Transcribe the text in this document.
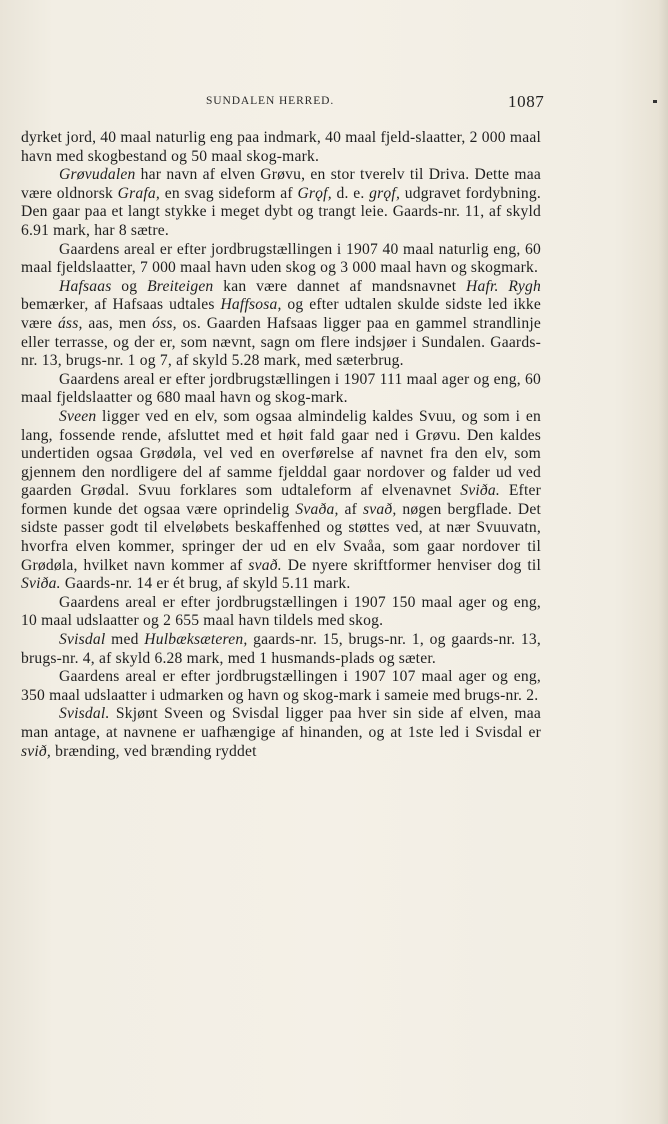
SUNDALEN HERRED.	1087

dyrket jord, 40 maal naturlig eng paa indmark, 40 maal fjeld-slaatter, 2 000 maal havn med skogbestand og 50 maal skog-mark.

Grøvudalen har navn af elven Grøvu, en stor tverelv til Driva. Dette maa være oldnorsk Grafa, en svag sideform af Grǫf, d. e. grǫf, udgravet fordybning. Den gaar paa et langt stykke i meget dybt og trangt leie. Gaards-nr. 11, af skyld 6.91 mark, har 8 sætre.

Gaardens areal er efter jordbrugstællingen i 1907 40 maal naturlig eng, 60 maal fjeldslaatter, 7 000 maal havn uden skog og 3 000 maal havn og skogmark.

Hafsaas og Breiteigen kan være dannet af mandsnavnet Hafr. Rygh bemærker, af Hafsaas udtales Haffsosa, og efter udtalen skulde sidste led ikke være áss, aas, men óss, os. Gaarden Hafsaas ligger paa en gammel strandlinje eller terrasse, og der er, som nævnt, sagn om flere indsjøer i Sundalen. Gaards-nr. 13, brugs-nr. 1 og 7, af skyld 5.28 mark, med sæterbrug.

Gaardens areal er efter jordbrugstællingen i 1907 111 maal ager og eng, 60 maal fjeldslaatter og 680 maal havn og skog-mark.

Sveen ligger ved en elv, som ogsaa almindelig kaldes Svuu, og som i en lang, fossende rende, afsluttet med et høit fald gaar ned i Grøvu. Den kaldes undertiden ogsaa Grødøla, vel ved en overførelse af navnet fra den elv, som gjennem den nordligere del af samme fjelddal gaar nordover og falder ud ved gaarden Grødal. Svuu forklares som udtaleform af elvenavnet Sviða. Efter formen kunde det ogsaa være oprindelig Svaða, af svað, nøgen bergflade. Det sidste passer godt til elveløbets beskaffenhed og støttes ved, at nær Svuuvatn, hvorfra elven kommer, springer der ud en elv Svaåa, som gaar nordover til Grødøla, hvilket navn kommer af svað. De nyere skriftformer henviser dog til Sviða. Gaards-nr. 14 er ét brug, af skyld 5.11 mark.

Gaardens areal er efter jordbrugstællingen i 1907 150 maal ager og eng, 10 maal udslaatter og 2 655 maal havn tildels med skog.

Svisdal med Hulbæksæteren, gaards-nr. 15, brugs-nr. 1, og gaards-nr. 13, brugs-nr. 4, af skyld 6.28 mark, med 1 husmands-plads og sæter.

Gaardens areal er efter jordbrugstællingen i 1907 107 maal ager og eng, 350 maal udslaatter i udmarken og havn og skog-mark i sameie med brugs-nr. 2.

Svisdal. Skjønt Sveen og Svisdal ligger paa hver sin side af elven, maa man antage, at navnene er uafhængige af hinanden, og at 1ste led i Svisdal er svið, brænding, ved brænding ryddet
